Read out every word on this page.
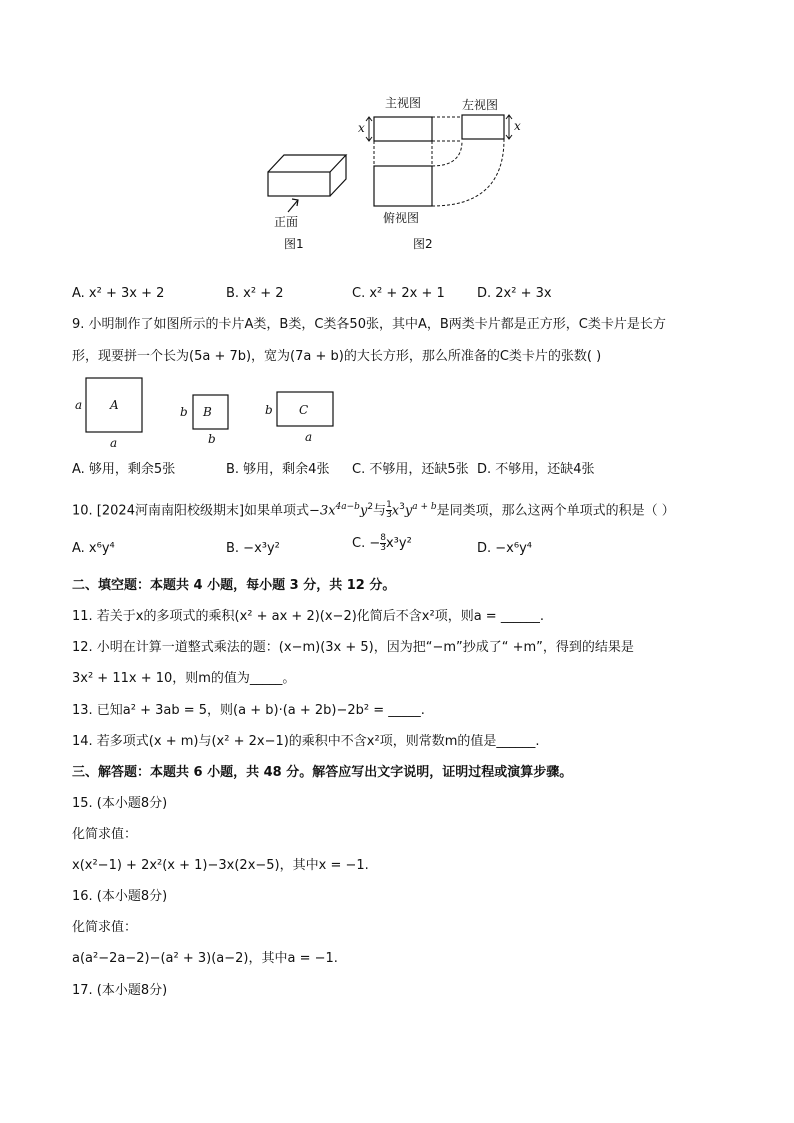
正面
图1
主视图	左视图
x	x
俯视图
图2
A. x² + 3x + 2	B. x² + 2	C. x² + 2x + 1 D. 2x² + 3x
9. 小明制作了如图所示的卡片A类，B类，C类各50张，其中A，B两类卡片都是正方形，C类卡片是长方
形，现要拼一个长为(5a + 7b)，宽为(7a + b)的大长方形，那么所准备的C类卡片的张数( )
A
a
a
B
b
b
C
b
a
A. 够用，剩余5张	B. 够用，剩余4张 C. 不够用，还缺5张 D. 不够用，还缺4张
10. [2024河南南阳校级期末]如果单项式$-3x^{4a-b}y^2$与 $\frac{1}{3} x^3y^{a + b}$是同类项，那么这两个单项式的积是（ ）
A. x⁶y⁴	B. −x³y²	C. − $\frac{8}{3} x^3y^2$	D. −x⁶y⁴
二、填空题：本题共 4 小题，每小题 3 分，共 12 分。
11. 若关于x的多项式的乘积(x² + ax + 2)(x−2)化简后不含x²项，则a = ______.
12. 小明在计算一道整式乘法的题：(x−m)(3x + 5)，因为把“−m”抄成了“ +m”，得到的结果是
3x² + 11x + 10，则m的值为_____。
13. 已知a² + 3ab = 5，则(a + b)·(a + 2b)−2b² = _____.
14. 若多项式(x + m)与(x² + 2x−1)的乘积中不含x²项，则常数m的值是______.
三、解答题：本题共 6 小题，共 48 分。解答应写出文字说明，证明过程或演算步骤。
15. (本小题8分)
化简求值：
x(x²−1) + 2x²(x + 1)−3x(2x−5)，其中x = −1.
16. (本小题8分)
化简求值：
a(a²−2a−2)−(a² + 3)(a−2)，其中a = −1.
17. (本小题8分)
